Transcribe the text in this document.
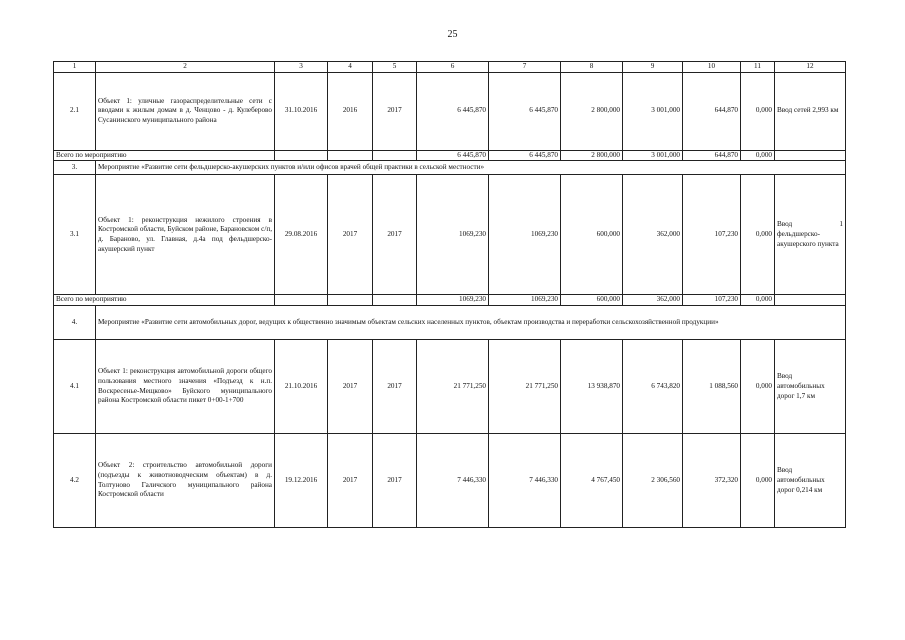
25
1	2	3	4	5	6	7	8	9	10	11	12
2.1	Объект 1: уличные газораспределительные сети с вводами к жилым домам в д. Ченцово - д. Кулеберово Сусанинского муниципального района	31.10.2016	2016	2017	6 445,870	6 445,870	2 800,000	3 001,000	644,870	0,000	Ввод сетей 2,993 км

Всего по мероприятию					6 445,870	6 445,870	2 800,000	3 001,000	644,870	0,000	
3.	Мероприятие «Развитие сети фельдшерско-акушерских пунктов и/или офисов врачей общей практики в сельской местности»										
3.1	Объект 1: реконструкция нежилого строения в Костромской области, Буйском районе, Барановском с/п, д. Бараново, ул. Главная, д.4а под фельдшерско-акушерский пункт	29.08.2016	2017	2017	1069,230	1069,230	600,000	362,000	107,230	0,000	Ввод 1
фельдшерско-
акушерского пункта

Всего по мероприятию					1069,230	1069,230	600,000	362,000	107,230	0,000	
4.	Мероприятие «Развитие сети автомобильных дорог, ведущих к общественно значимым объектам сельских населенных пунктов, объектам производства и переработки сельскохозяйственной продукции»										
4.1	Объект 1: реконструкция автомобильной дороги общего пользования местного значения «Подъезд к н.п. Воскресенье-Мещково» Буйского муниципального района Костромской области пикет 0+00-1+700	21.10.2016	2017	2017	21 771,250	21 771,250	13 938,870	6 743,820	1 088,560	0,000	Ввод
автомобильных
дорог 1,7 км

4.2	Объект 2: строительство автомобильной дороги (подъезды к животноводческим объектам) в д. Толтуново Галичского муниципального района Костромской области	19.12.2016	2017	2017	7 446,330	7 446,330	4 767,450	2 306,560	372,320	0,000	Ввод
автомобильных
дорог 0,214 км
